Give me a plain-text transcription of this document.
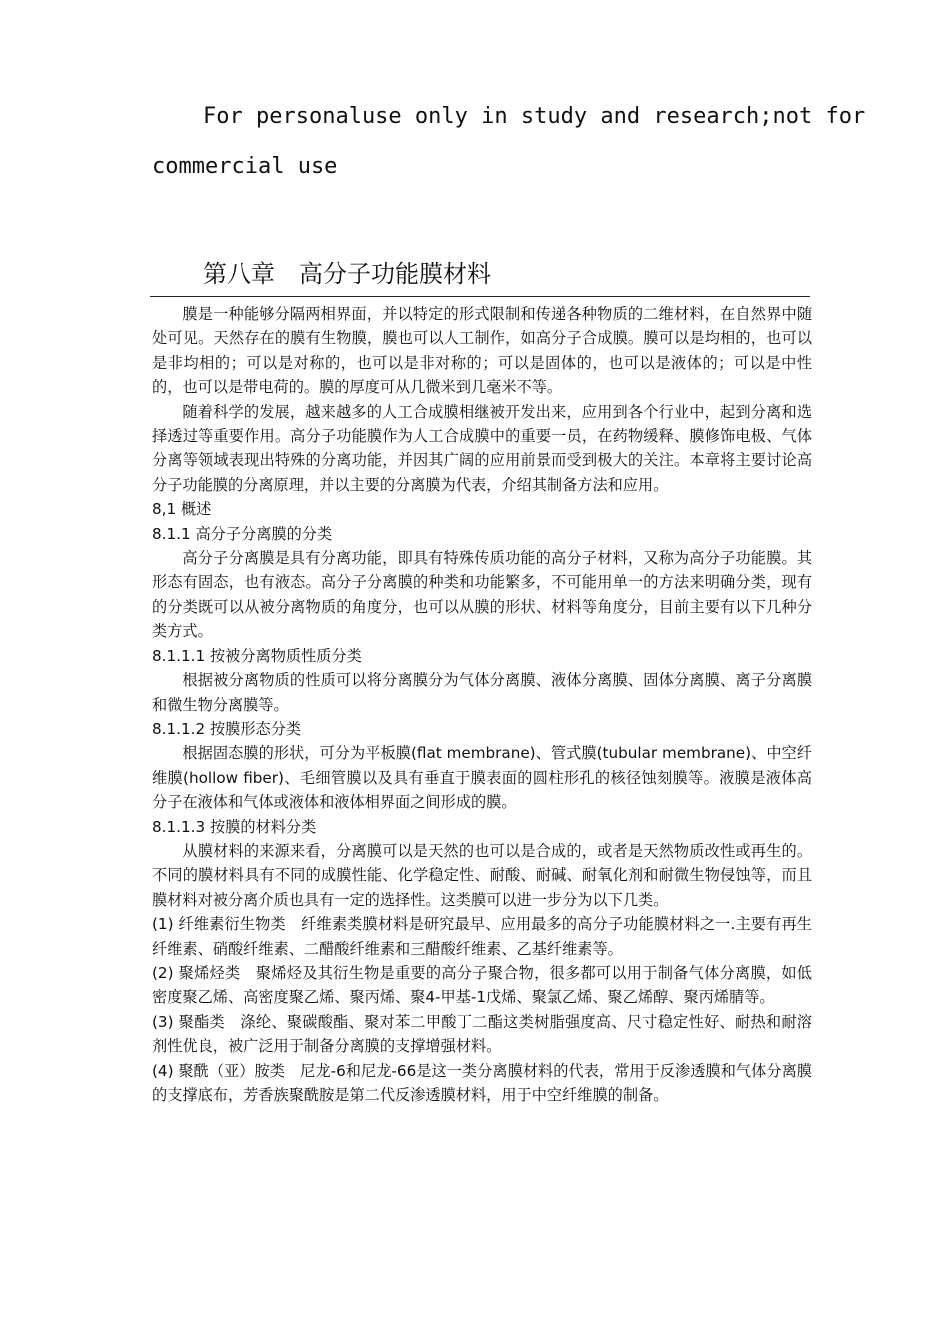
For personaluse only in study and research;not for
commercial use
第八章　高分子功能膜材料

膜是一种能够分隔两相界面，并以特定的形式限制和传递各种物质的二维材料，在自然界中随处可见。天然存在的膜有生物膜，膜也可以人工制作，如高分子合成膜。膜可以是均相的，也可以是非均相的；可以是对称的，也可以是非对称的；可以是固体的，也可以是液体的；可以是中性的，也可以是带电荷的。膜的厚度可从几微米到几毫米不等。

随着科学的发展，越来越多的人工合成膜相继被开发出来，应用到各个行业中，起到分离和选择透过等重要作用。高分子功能膜作为人工合成膜中的重要一员，在药物缓释、膜修饰电极、气体分离等领域表现出特殊的分离功能，并因其广阔的应用前景而受到极大的关注。本章将主要讨论高分子功能膜的分离原理，并以主要的分离膜为代表，介绍其制备方法和应用。

8,1 概述

8.1.1 高分子分离膜的分类

高分子分离膜是具有分离功能，即具有特殊传质功能的高分子材料，又称为高分子功能膜。其形态有固态，也有液态。高分子分离膜的种类和功能繁多，不可能用单一的方法来明确分类，现有的分类既可以从被分离物质的角度分，也可以从膜的形状、材料等角度分，目前主要有以下几种分类方式。

8.1.1.1 按被分离物质性质分类

根据被分离物质的性质可以将分离膜分为气体分离膜、液体分离膜、固体分离膜、离子分离膜和微生物分离膜等。

8.1.1.2 按膜形态分类

根据固态膜的形状，可分为平板膜(flat membrane)、管式膜(tubular membrane)、中空纤维膜(hollow fiber)、毛细管膜以及具有垂直于膜表面的圆柱形孔的核径蚀刻膜等。液膜是液体高分子在液体和气体或液体和液体相界面之间形成的膜。

8.1.1.3 按膜的材料分类

从膜材料的来源来看，分离膜可以是天然的也可以是合成的，或者是天然物质改性或再生的。不同的膜材料具有不同的成膜性能、化学稳定性、耐酸、耐碱、耐氧化剂和耐微生物侵蚀等，而且膜材料对被分离介质也具有一定的选择性。这类膜可以进一步分为以下几类。

(1) 纤维素衍生物类　纤维素类膜材料是研究最早、应用最多的高分子功能膜材料之一.主要有再生纤维素、硝酸纤维素、二醋酸纤维素和三醋酸纤维素、乙基纤维素等。

(2) 聚烯烃类　聚烯烃及其衍生物是重要的高分子聚合物，很多都可以用于制备气体分离膜，如低密度聚乙烯、高密度聚乙烯、聚丙烯、聚4-甲基-1戊烯、聚氯乙烯、聚乙烯醇、聚丙烯腈等。

(3) 聚酯类　涤纶、聚碳酸酯、聚对苯二甲酸丁二酯这类树脂强度高、尺寸稳定性好、耐热和耐溶剂性优良，被广泛用于制备分离膜的支撑增强材料。

(4) 聚酰（亚）胺类　尼龙-6和尼龙-66是这一类分离膜材料的代表，常用于反渗透膜和气体分离膜的支撑底布，芳香族聚酰胺是第二代反渗透膜材料，用于中空纤维膜的制备。
